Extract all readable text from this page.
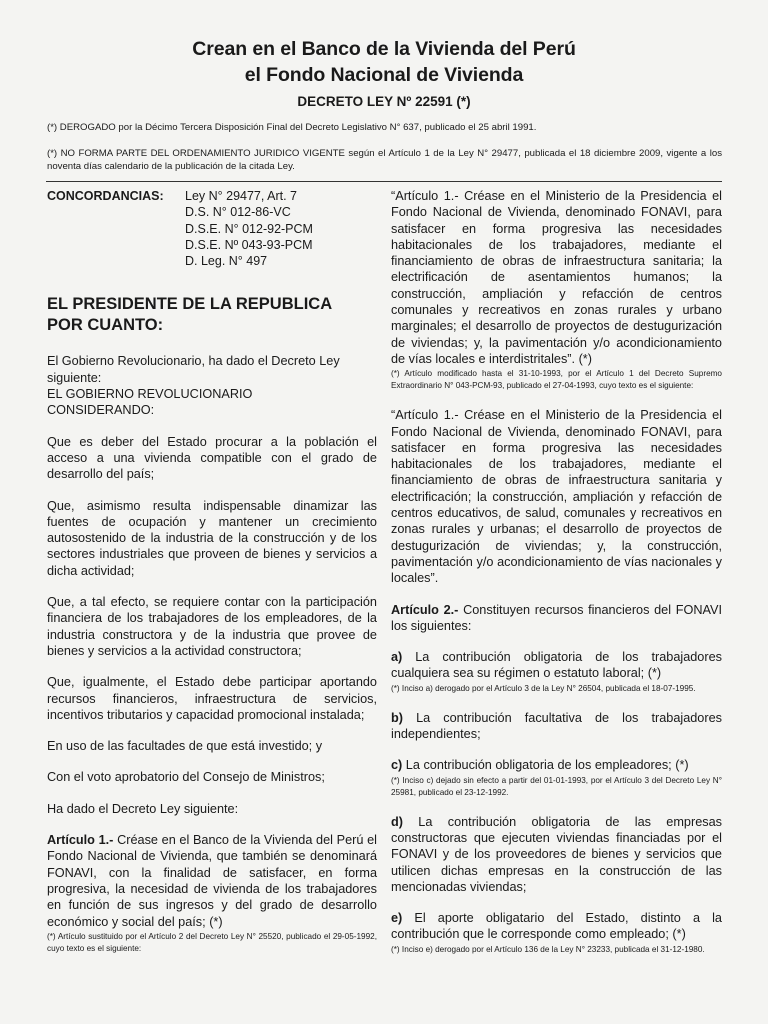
Crean en el Banco de la Vivienda del Perú
el Fondo Nacional de Vivienda
DECRETO LEY Nº 22591 (*)
(*) DEROGADO por la Décimo Tercera Disposición Final del Decreto Legislativo N° 637, publicado el 25 abril 1991.
(*) NO FORMA PARTE DEL ORDENAMIENTO JURIDICO VIGENTE según el Artículo 1 de la Ley N° 29477, publicada el 18 diciembre 2009, vigente a los noventa días calendario de la publicación de la citada Ley.
CONCORDANCIAS:	Ley N° 29477, Art. 7
D.S. N° 012-86-VC
D.S.E. N° 012-92-PCM
D.S.E. Nº 043-93-PCM
D. Leg. N° 497
EL PRESIDENTE DE LA REPUBLICA
POR CUANTO:

El Gobierno Revolucionario, ha dado el Decreto Ley siguiente:

EL GOBIERNO REVOLUCIONARIO

CONSIDERANDO:

Que es deber del Estado procurar a la población el acceso a una vivienda compatible con el grado de desarrollo del país;

Que, asimismo resulta indispensable dinamizar las fuentes de ocupación y mantener un crecimiento autosostenido de la industria de la construcción y de los sectores industriales que proveen de bienes y servicios a dicha actividad;

Que, a tal efecto, se requiere contar con la participación financiera de los trabajadores de los empleadores, de la industria constructora y de la industria que provee de bienes y servicios a la actividad constructora;

Que, igualmente, el Estado debe participar aportando recursos financieros, infraestructura de servicios, incentivos tributarios y capacidad promocional instalada;

En uso de las facultades de que está investido; y

Con el voto aprobatorio del Consejo de Ministros;

Ha dado el Decreto Ley siguiente:

Artículo 1.- Créase en el Banco de la Vivienda del Perú el Fondo Nacional de Vivienda, que también se denominará FONAVI, con la finalidad de satisfacer, en forma progresiva, la necesidad de vivienda de los trabajadores en función de sus ingresos y del grado de desarrollo económico y social del país; (*)

(*) Artículo sustituido por el Artículo 2 del Decreto Ley N° 25520, publicado el 29-05-1992, cuyo texto es el siguiente:

“Artículo 1.- Créase en el Ministerio de la Presidencia el Fondo Nacional de Vivienda, denominado FONAVI, para satisfacer en forma progresiva las necesidades habitacionales de los trabajadores, mediante el financiamiento de obras de infraestructura sanitaria; la electrificación de asentamientos humanos; la construcción, ampliación y refacción de centros comunales y recreativos en zonas rurales y urbano marginales; el desarrollo de proyectos de destugurización de viviendas; y, la pavimentación y/o acondicionamiento de vías locales e interdistritales”. (*)

(*) Artículo modificado hasta el 31-10-1993, por el Artículo 1 del Decreto Supremo Extraordinario N° 043-PCM-93, publicado el 27-04-1993, cuyo texto es el siguiente:

“Artículo 1.- Créase en el Ministerio de la Presidencia el Fondo Nacional de Vivienda, denominado FONAVI, para satisfacer en forma progresiva las necesidades habitacionales de los trabajadores, mediante el financiamiento de obras de infraestructura sanitaria y electrificación; la construcción, ampliación y refacción de centros educativos, de salud, comunales y recreativos en zonas rurales y urbanas; el desarrollo de proyectos de destugurización de viviendas; y, la construcción, pavimentación y/o acondicionamiento de vías nacionales y locales”.

Artículo 2.- Constituyen recursos financieros del FONAVI los siguientes:

a) La contribución obligatoria de los trabajadores cualquiera sea su régimen o estatuto laboral; (*)

(*) Inciso a) derogado por el Artículo 3 de la Ley N° 26504, publicada el 18-07-1995.

b) La contribución facultativa de los trabajadores independientes;

c) La contribución obligatoria de los empleadores; (*)

(*) Inciso c) dejado sin efecto a partir del 01-01-1993, por el Artículo 3 del Decreto Ley N° 25981, publicado el 23-12-1992.

d) La contribución obligatoria de las empresas constructoras que ejecuten viviendas financiadas por el FONAVI y de los proveedores de bienes y servicios que utilicen dichas empresas en la construcción de las mencionadas viviendas;

e) El aporte obligatario del Estado, distinto a la contribución que le corresponde como empleado; (*)

(*) Inciso e) derogado por el Artículo 136 de la Ley N° 23233, publicada el 31-12-1980.
